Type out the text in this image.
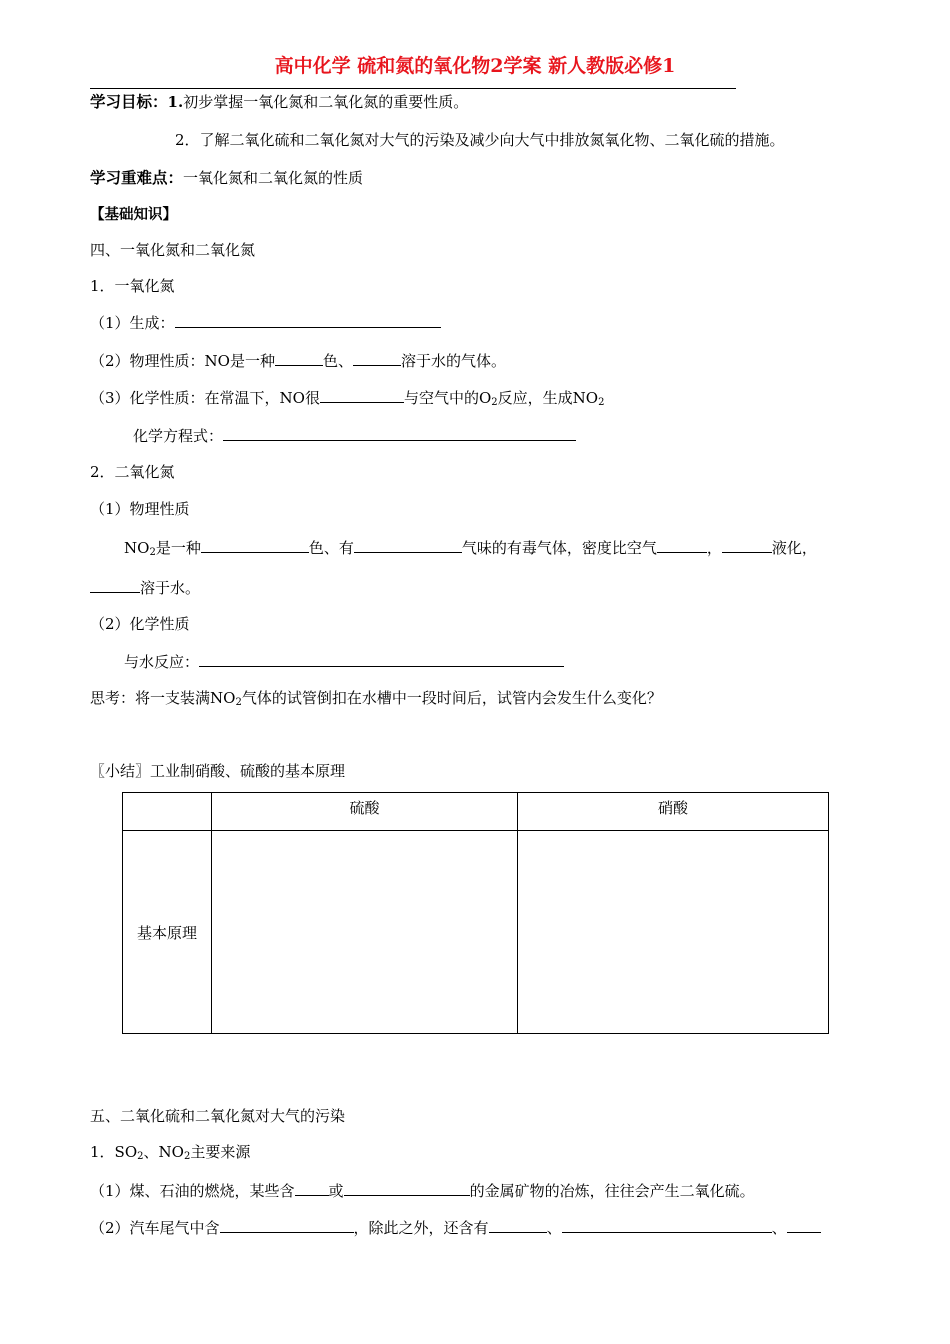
高中化学 硫和氮的氧化物2学案 新人教版必修1
学习目标：1.初步掌握一氧化氮和二氧化氮的重要性质。
2．了解二氧化硫和二氧化氮对大气的污染及减少向大气中排放氮氧化物、二氧化硫的措施。
学习重难点：一氧化氮和二氧化氮的性质
【基础知识】
四、一氧化氮和二氧化氮
1．一氧化氮
（1）生成：
（2）物理性质：NO是一种	色、	溶于水的气体。
（3）化学性质：在常温下，NO很	与空气中的$O_2$反应，生成$NO_2$
化学方程式：
2．二氧化氮
（1）物理性质
$NO_2$是一种	色、有	气味的有毒气体，密度比空气	，	液化，
溶于水。
（2）化学性质
与水反应：
思考：将一支装满$NO_2$气体的试管倒扣在水槽中一段时间后，试管内会发生什么变化？
〖小结〗工业制硝酸、硫酸的基本原理
	硫酸	硝酸
基本原理		
五、二氧化硫和二氧化氮对大气的污染
1．$SO_2$、$NO_2$主要来源
（1）煤、石油的燃烧，某些含 或	的金属矿物的冶炼，往往会产生二氧化硫。
（2）汽车尾气中含	，除此之外，还含有	、	、
